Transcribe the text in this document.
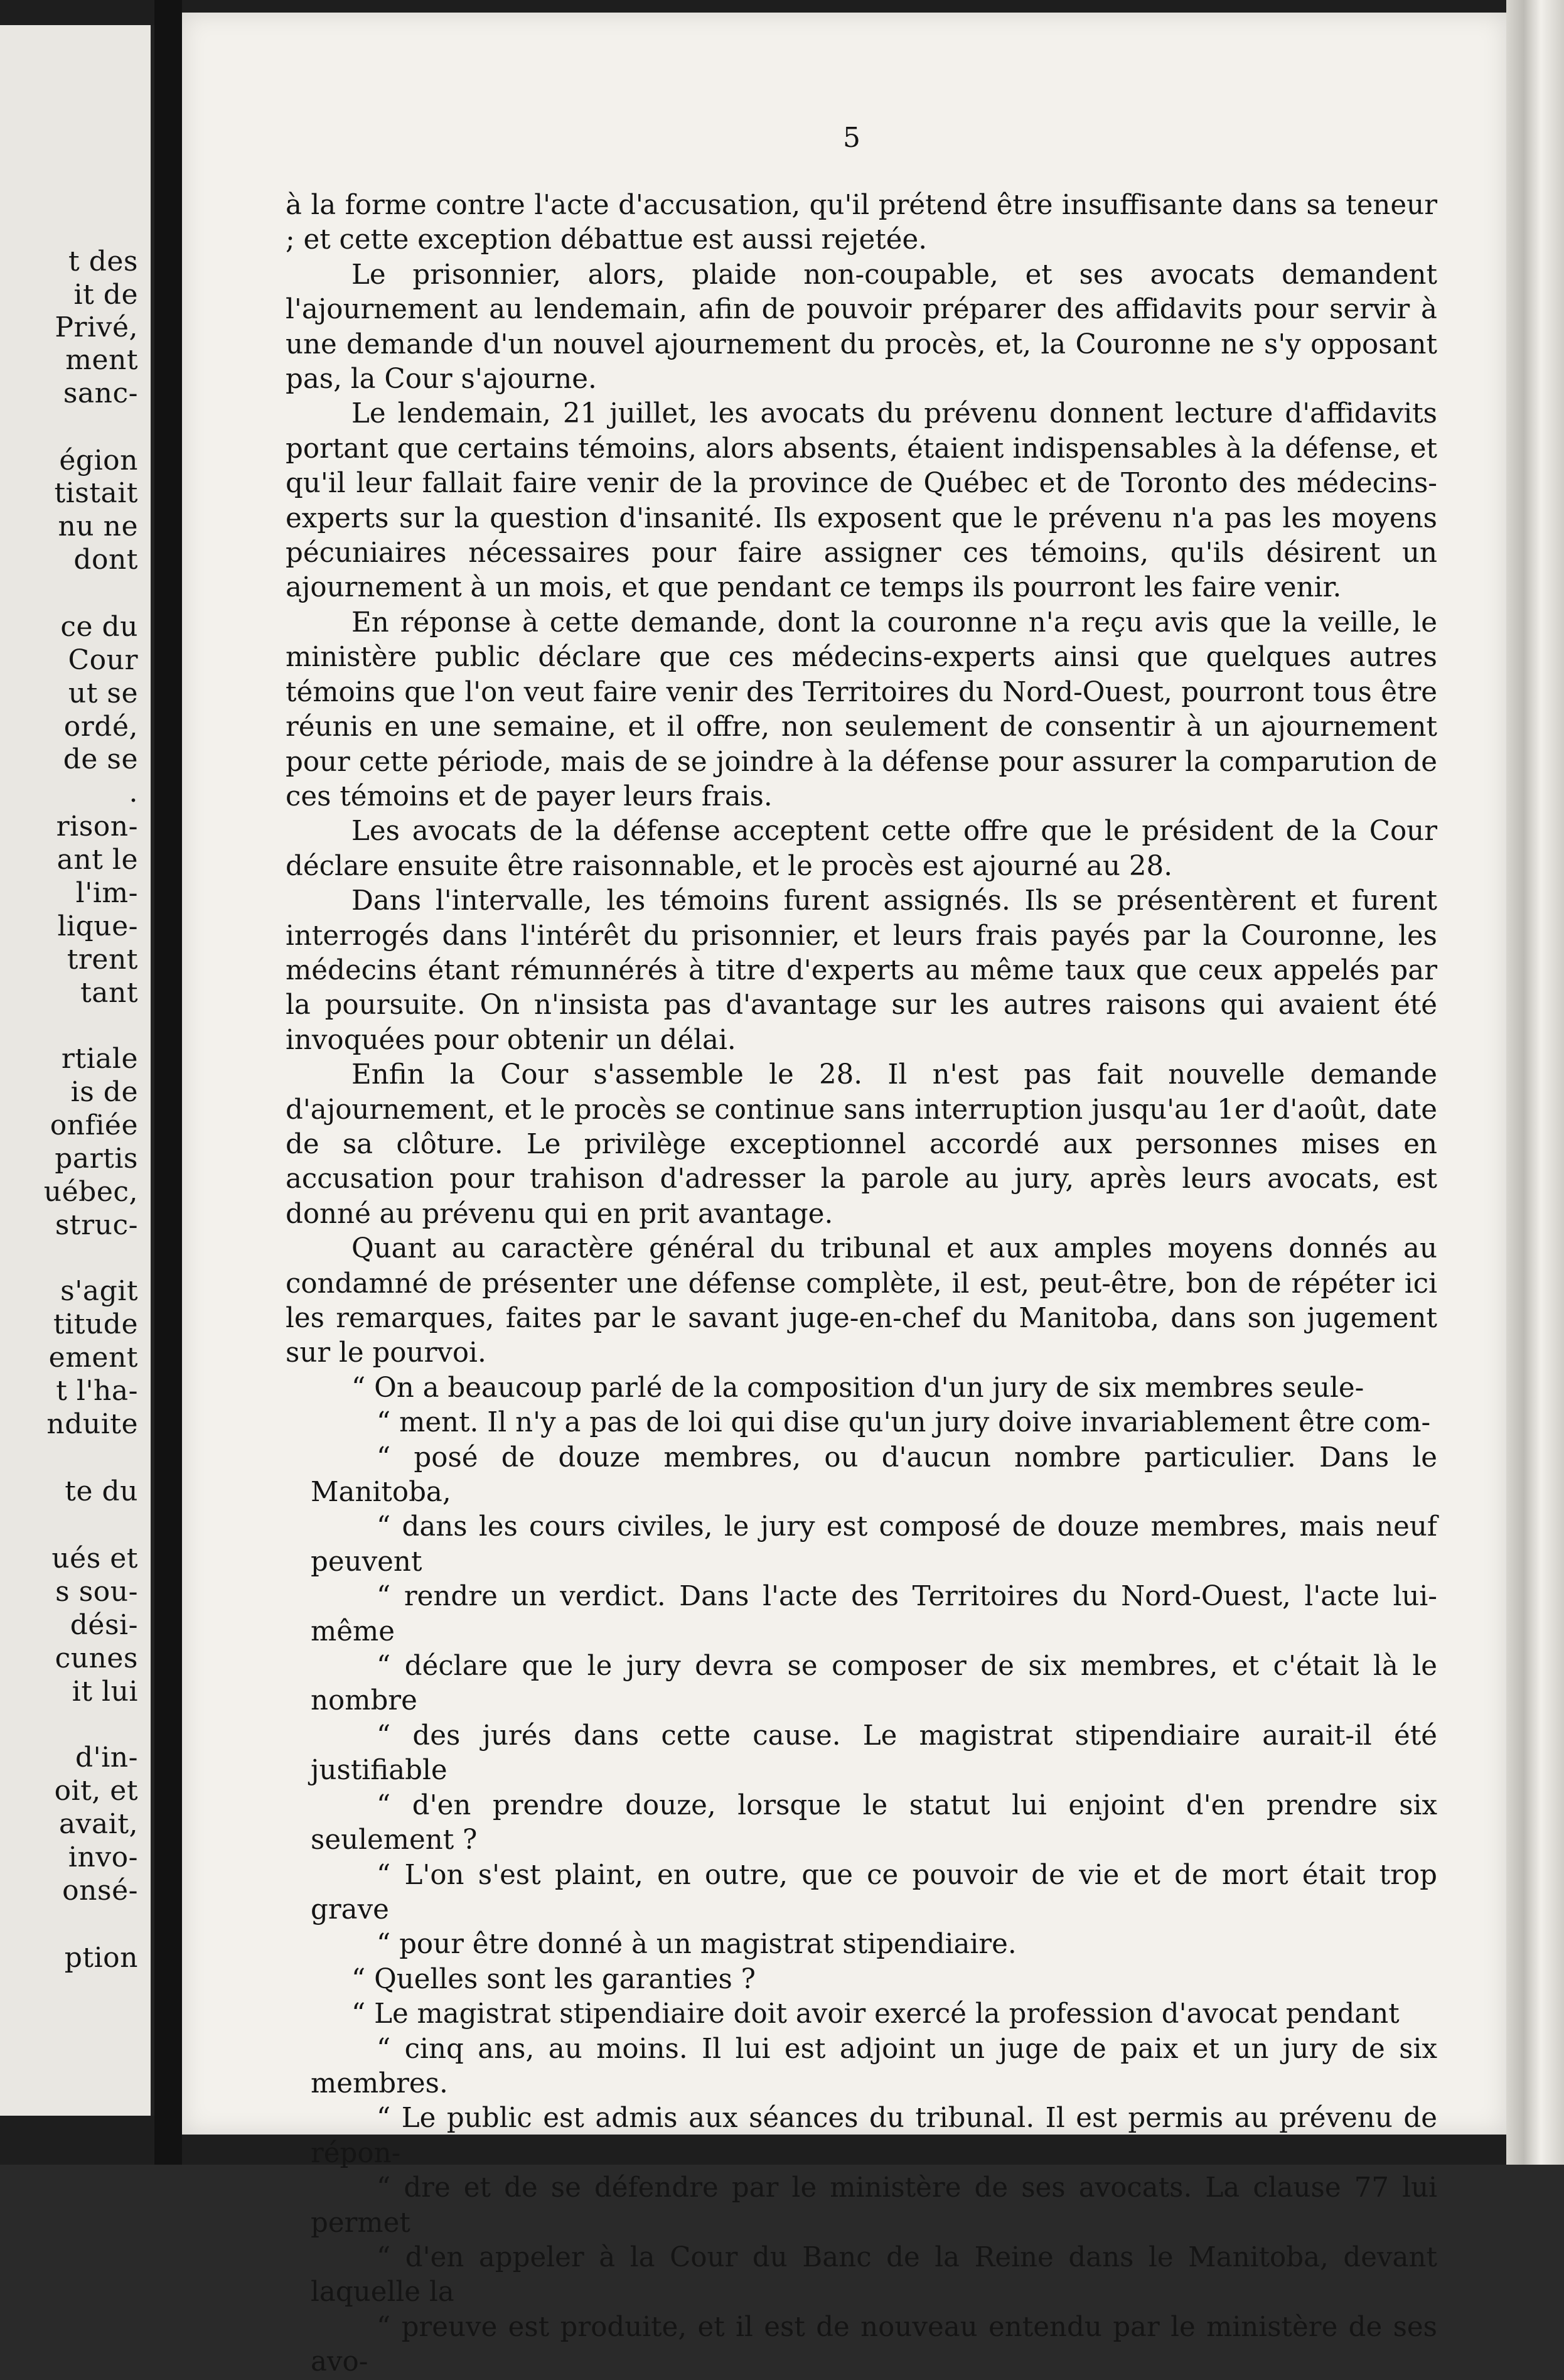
t des
it de
Privé,
ment
sanc-
égion
tistait
nu ne
dont
ce du
Cour
ut se
ordé,
de se
.
rison-
ant le
l'im-
lique-
trent
tant
rtiale
is de
onfiée
partis
uébec,
struc-
s'agit
titude
ement
t l'ha-
nduite
te du
ués et
s sou-
dési-
cunes
it lui
d'in-
oit, et
avait,
invo-
onsé-
ption
5

à la forme contre l'acte d'accusation, qu'il prétend être insuffisante dans sa teneur ; et cette exception débattue est aussi rejetée.

Le prisonnier, alors, plaide non-coupable, et ses avocats demandent l'ajournement au lendemain, afin de pouvoir préparer des affidavits pour servir à une demande d'un nouvel ajournement du procès, et, la Couronne ne s'y opposant pas, la Cour s'ajourne.

Le lendemain, 21 juillet, les avocats du prévenu donnent lecture d'affidavits portant que certains témoins, alors absents, étaient indispensables à la défense, et qu'il leur fallait faire venir de la province de Québec et de Toronto des médecins-experts sur la question d'insanité. Ils exposent que le prévenu n'a pas les moyens pécuniaires nécessaires pour faire assigner ces témoins, qu'ils désirent un ajournement à un mois, et que pendant ce temps ils pourront les faire venir.

En réponse à cette demande, dont la couronne n'a reçu avis que la veille, le ministère public déclare que ces médecins-experts ainsi que quelques autres témoins que l'on veut faire venir des Territoires du Nord-Ouest, pourront tous être réunis en une semaine, et il offre, non seulement de consentir à un ajournement pour cette période, mais de se joindre à la défense pour assurer la comparution de ces témoins et de payer leurs frais.

Les avocats de la défense acceptent cette offre que le président de la Cour déclare ensuite être raisonnable, et le procès est ajourné au 28.

Dans l'intervalle, les témoins furent assignés. Ils se présentèrent et furent interrogés dans l'intérêt du prisonnier, et leurs frais payés par la Couronne, les médecins étant rémunnérés à titre d'experts au même taux que ceux appelés par la poursuite. On n'insista pas d'avantage sur les autres raisons qui avaient été invoquées pour obtenir un délai.

Enfin la Cour s'assemble le 28. Il n'est pas fait nouvelle demande d'ajournement, et le procès se continue sans interruption jusqu'au 1er d'août, date de sa clôture. Le privilège exceptionnel accordé aux personnes mises en accusation pour trahison d'adresser la parole au jury, après leurs avocats, est donné au prévenu qui en prit avantage.

Quant au caractère général du tribunal et aux amples moyens donnés au condamné de présenter une défense complète, il est, peut-être, bon de répéter ici les remarques, faites par le savant juge-en-chef du Manitoba, dans son jugement sur le pourvoi.

“ On a beaucoup parlé de la composition d'un jury de six membres seule-

“ ment. Il n'y a pas de loi qui dise qu'un jury doive invariablement être com-

“ posé de douze membres, ou d'aucun nombre particulier. Dans le Manitoba,

“ dans les cours civiles, le jury est composé de douze membres, mais neuf peuvent

“ rendre un verdict. Dans l'acte des Territoires du Nord-Ouest, l'acte lui-même

“ déclare que le jury devra se composer de six membres, et c'était là le nombre

“ des jurés dans cette cause. Le magistrat stipendiaire aurait-il été justifiable

“ d'en prendre douze, lorsque le statut lui enjoint d'en prendre six seulement ?

“ L'on s'est plaint, en outre, que ce pouvoir de vie et de mort était trop grave

“ pour être donné à un magistrat stipendiaire.

“ Quelles sont les garanties ?

“ Le magistrat stipendiaire doit avoir exercé la profession d'avocat pendant

“ cinq ans, au moins. Il lui est adjoint un juge de paix et un jury de six membres.

“ Le public est admis aux séances du tribunal. Il est permis au prévenu de répon-

“ dre et de se défendre par le ministère de ses avocats. La clause 77 lui permet

“ d'en appeler à la Cour du Banc de la Reine dans le Manitoba, devant laquelle la

“ preuve est produite, et il est de nouveau entendu par le ministère de ses avo-
